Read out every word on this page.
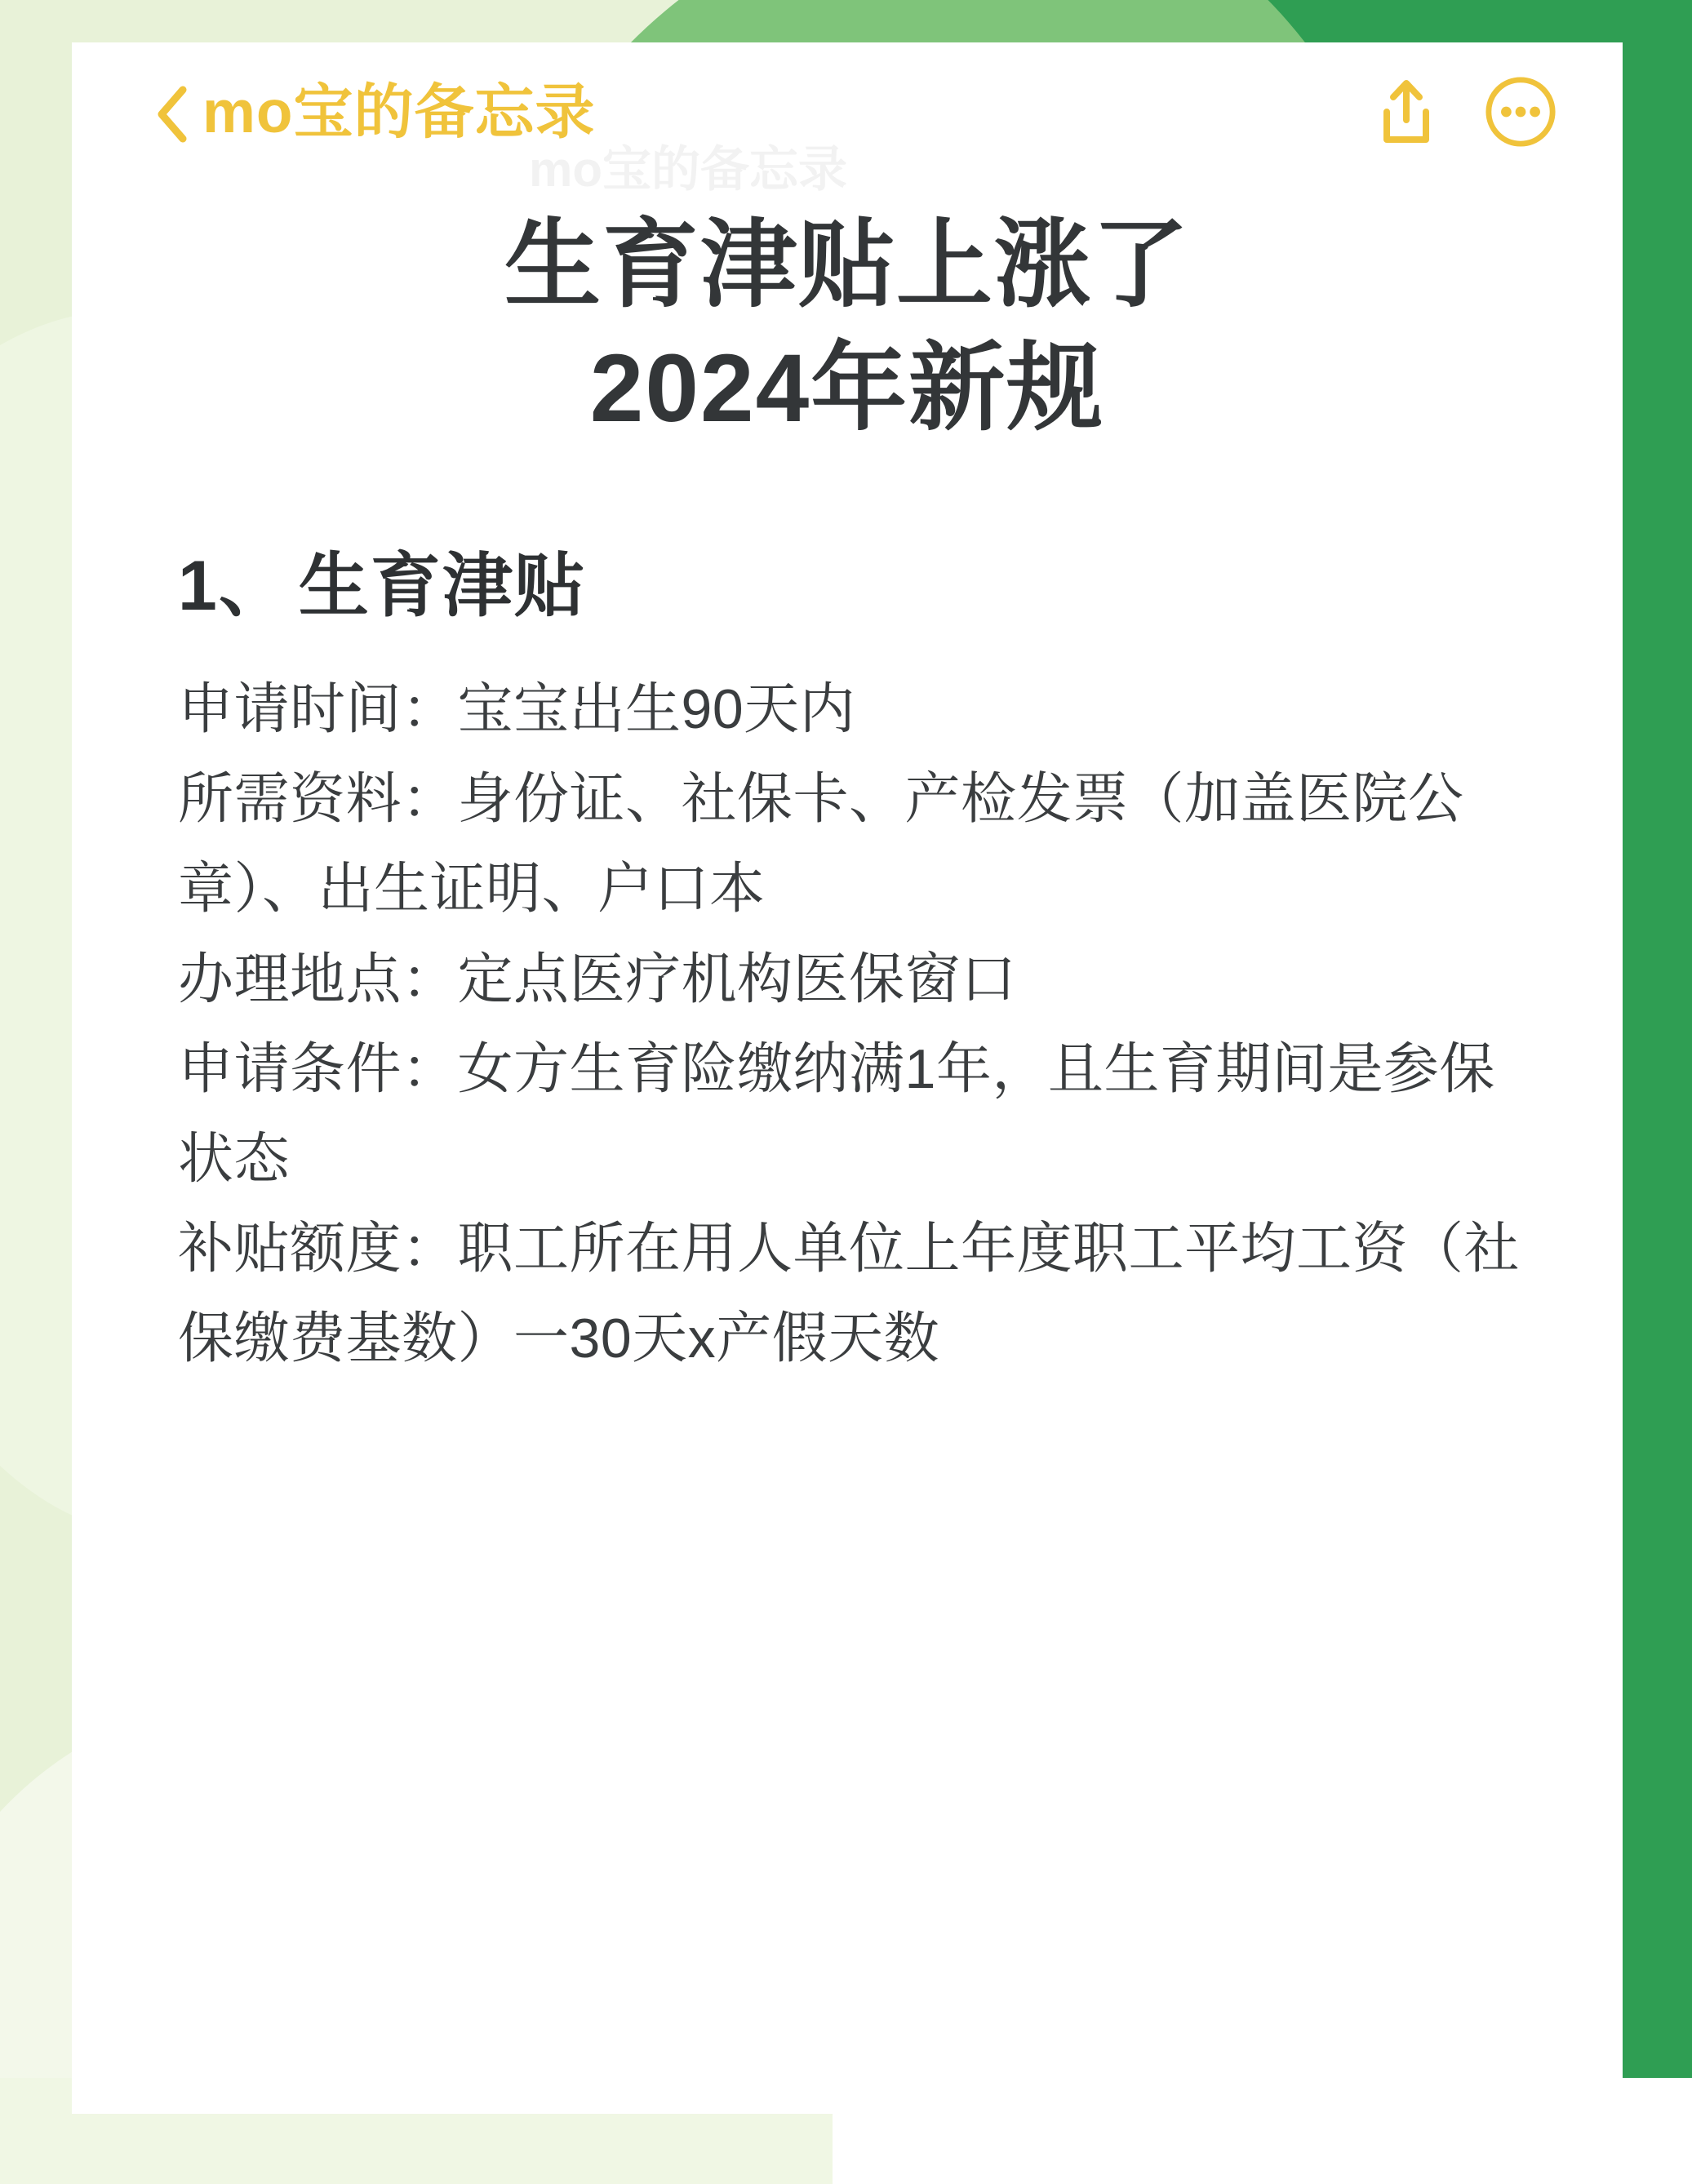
mo宝的备忘录
mo宝的备忘录
生育津贴上涨了
2024年新规
1、 生育津贴
申请时间：宝宝出生90天内
所需资料：身份证、社保卡、产检发票（加盖医院公章）、出生证明、户口本
办理地点：定点医疗机构医保窗口
申请条件：女方生育险缴纳满1年，且生育期间是参保状态
补贴额度：职工所在用人单位上年度职工平均工资（社保缴费基数）一30天x产假天数
